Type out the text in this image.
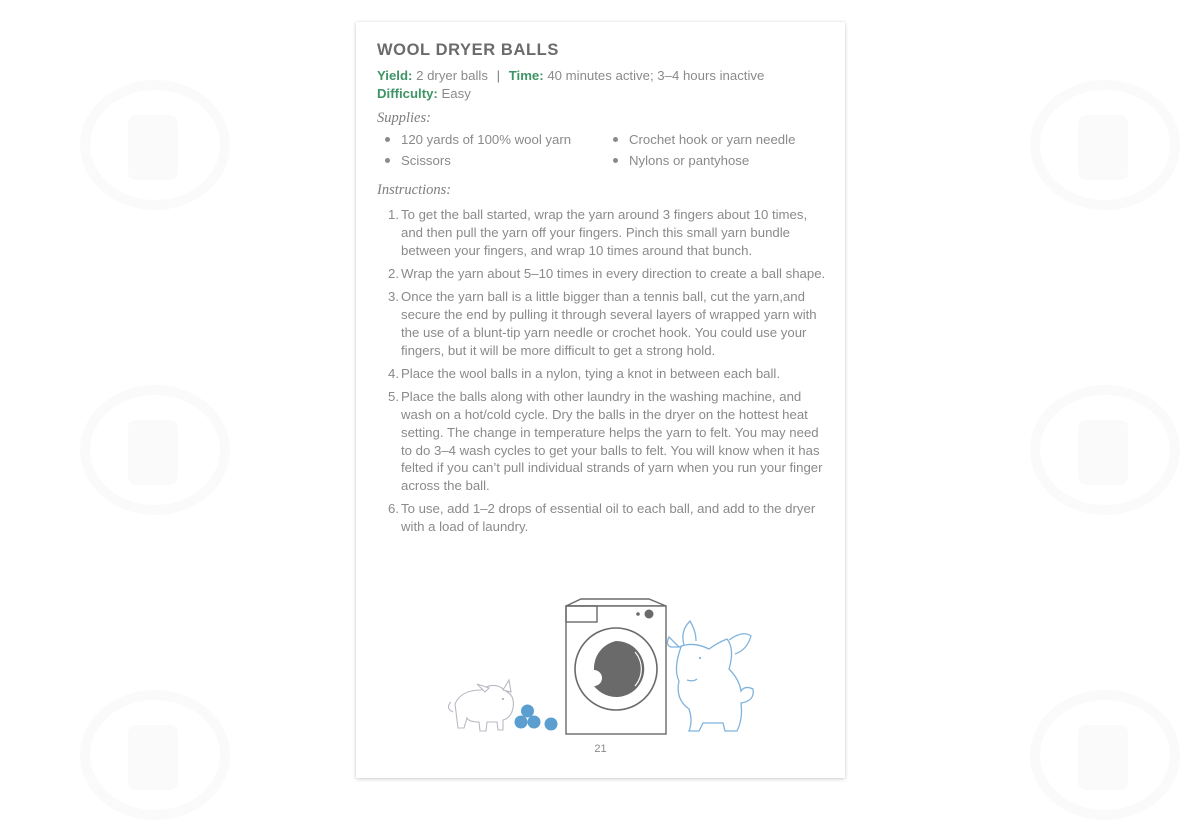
WOOL DRYER BALLS
Yield: 2 dryer balls | Time: 40 minutes active; 3–4 hours inactive
Difficulty: Easy
Supplies:
120 yards of 100% wool yarn	Crochet hook or yarn needle
Scissors	Nylons or pantyhose
Instructions:
1. To get the ball started, wrap the yarn around 3 fingers about 10 times, and then pull the yarn off your fingers. Pinch this small yarn bundle between your fingers, and wrap 10 times around that bunch.
2. Wrap the yarn about 5–10 times in every direction to create a ball shape.
3. Once the yarn ball is a little bigger than a tennis ball, cut the yarn,and secure the end by pulling it through several layers of wrapped yarn with the use of a blunt-tip yarn needle or crochet hook. You could use your fingers, but it will be more difficult to get a strong hold.
4. Place the wool balls in a nylon, tying a knot in between each ball.
5. Place the balls along with other laundry in the washing machine, and wash on a hot/cold cycle. Dry the balls in the dryer on the hottest heat setting. The change in temperature helps the yarn to felt. You may need to do 3–4 wash cycles to get your balls to felt. You will know when it has felted if you can’t pull individual strands of yarn when you run your finger across the ball.
6. To use, add 1–2 drops of essential oil to each ball, and add to the dryer with a load of laundry.
21
